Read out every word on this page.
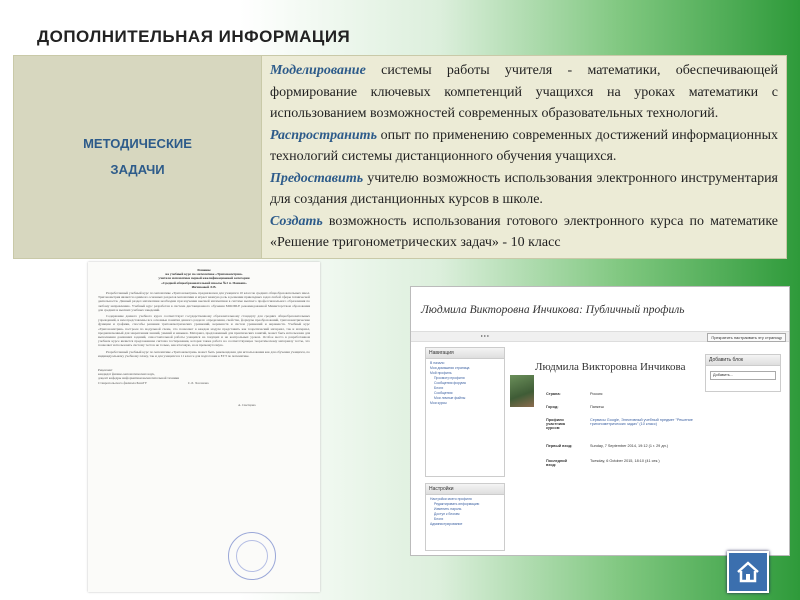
ДОПОЛНИТЕЛЬНАЯ ИНФОРМАЦИЯ
МЕТОДИЧЕСКИЕ
ЗАДАЧИ

Моделирование системы работы учителя - математики, обеспечивающей формирование ключевых компетенций учащихся на уроках математики с использованием возможностей современных образовательных технологий.

Распространить опыт по применению современных достижений информационных технологий системы дистанционного обучения учащихся.

Предоставить учителю возможность использования электронного инструментария для создания дистанционных курсов в школе.

Создать возможность использования готового электронного курса по математике «Решение тригонометрических задач» - 10 класс

Решение
на учебный курс по математике «Тригонометрия»
учителя математики первой квалификационной категории
«Средней общеобразовательной школы №2 п. Панкеш»
Инчиковой Л.В.

Разработанный учебный курс по математике «Тригонометрия» предназначен для учащихся 10 классов средних общеобразовательных школ. Тригонометрия является одним из основных разделов математики и играет важную роль в решении прикладных задач любой сферы технической деятельности. Данный раздел математики необходим при изучении высшей математики в системе высшего профессионального образования по любому направлению. Учебный курс разработан в системе дистанционного обучения MOODLE рекомендованной Министерством образования для средних и высших учебных заведений.

Содержание данного учебного курса соответствует государственному образовательному стандарту для средних общеобразовательных учреждений, в нем представлены все основные понятия данного раздела: определения, свойства, формулы преобразований, тригонометрические функции и графики, способы решения тригонометрических уравнений, неравенств и систем уравнений и неравенств. Учебный курс «Тригонометрия» построен по модульной схеме, что позволяет в каждом модуле представить как теоретический материал, так и материал, предназначенный для закрепления знаний, умений и навыков. Материал, предложенный для практических занятий, может быть использован для выполнения домашних заданий, самостоятельной работы учащихся на текущих и на контрольных уроках. Особое место в разработанном учебном курсе является предложенная система тестирования, которая также работа на соответствующее теоретическому материалу тесты, что позволяет использовать систему тестов не только, как итоговую, но и промежуточную.

Разработанный учебный курс по математике «Тригонометрия» может быть рекомендован для использования как для обучения учащихся, по индивидуальному учебному плану, так и для учащихся в 11 классе для подготовки к ЕГЭ по математике.

Рецензент
кандидат физико-математических наук,
доцент кафедры информатики вычислительной техники
Ставропольского филиала БашГУ	С.Л. Хасанова
А. Светцова
Людмила Викторовна Инчикова: Публичный профиль
▸ ▸ ▸	Прекратить настраивать эту страницу
Навигация
В начало
Моя домашняя страница
Мой профиль
Просмотр профиля
Сообщения форума
Блоги
Сообщения
Мои личные файлы
Мои курсы
Настройки
Настройки моего профиля
Редактировать информацию
Изменить пароль
Доступ к блогам
Блоги
Администрирование
Добавить блок
Добавить...
Людмила Викторовна Инчикова
Страна:	Россия
Город:	Панкеш
Профили участника курсов:
Сервисы Google, Элективный учебный предмет "Решение тригонометрических задач" (10 класс)
Первый вход:	Sunday, 7 September 2014, 19:12 (1 г. 29 дн.)
Последний вход:
Tuesday, 6 October 2015, 18:10 (41 сек.)
